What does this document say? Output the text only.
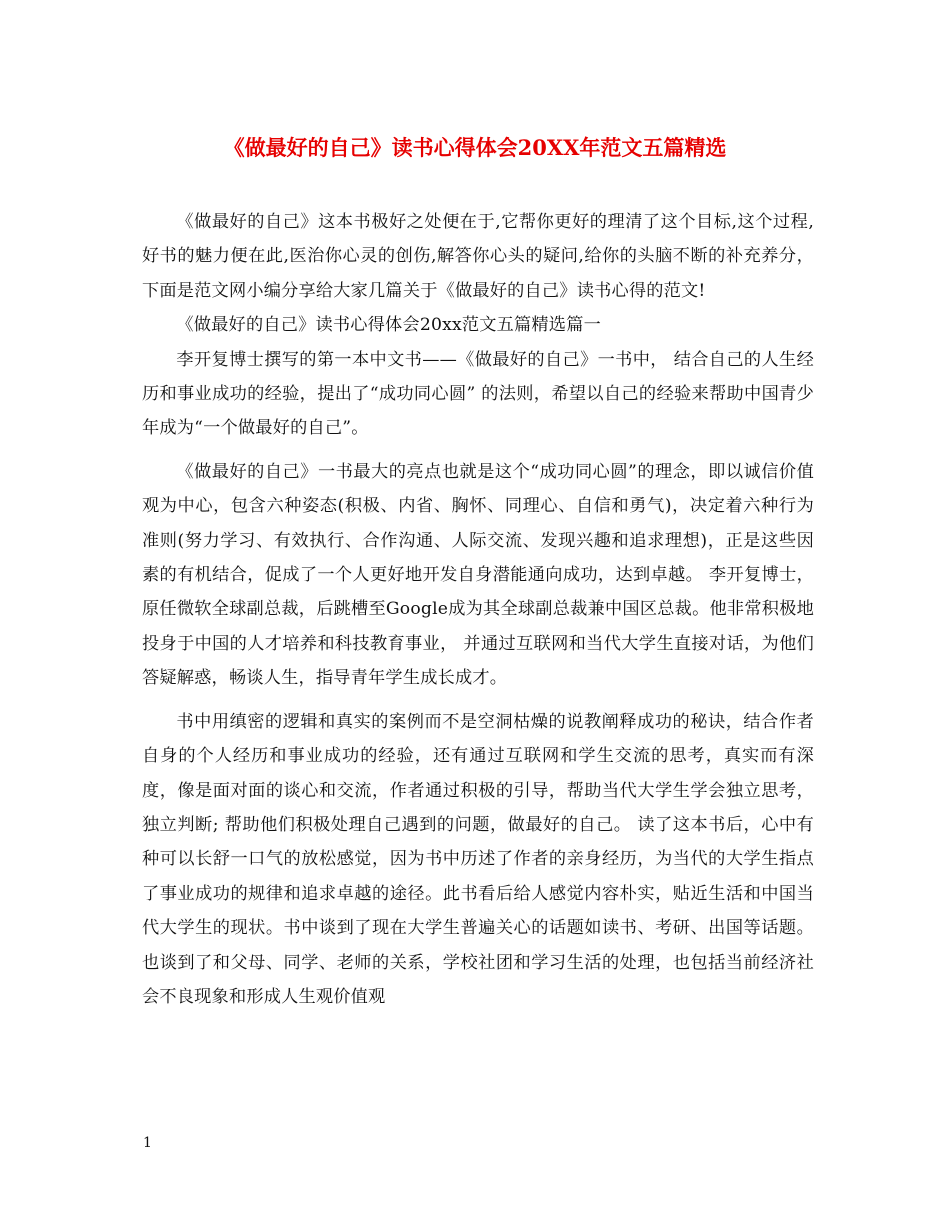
《做最好的自己》读书心得体会20XX年范文五篇精选

《做最好的自己》这本书极好之处便在于,它帮你更好的理清了这个目标,这个过程,好书的魅力便在此,医治你心灵的创伤,解答你心头的疑问,给你的头脑不断的补充养分，下面是范文网小编分享给大家几篇关于《做最好的自己》读书心得的范文!

《做最好的自己》读书心得体会20xx范文五篇精选篇一

李开复博士撰写的第一本中文书——《做最好的自己》一书中， 结合自己的人生经历和事业成功的经验，提出了“成功同心圆” 的法则，希望以自己的经验来帮助中国青少年成为“一个做最好的自己”。

《做最好的自己》一书最大的亮点也就是这个“成功同心圆”的理念，即以诚信价值观为中心，包含六种姿态(积极、内省、胸怀、同理心、自信和勇气)，决定着六种行为准则(努力学习、有效执行、合作沟通、人际交流、发现兴趣和追求理想)，正是这些因素的有机结合，促成了一个人更好地开发自身潜能通向成功，达到卓越。 李开复博士， 原任微软全球副总裁，后跳槽至Google成为其全球副总裁兼中国区总裁。他非常积极地投身于中国的人才培养和科技教育事业， 并通过互联网和当代大学生直接对话，为他们答疑解惑，畅谈人生，指导青年学生成长成才。

书中用缜密的逻辑和真实的案例而不是空洞枯燥的说教阐释成功的秘诀，结合作者自身的个人经历和事业成功的经验，还有通过互联网和学生交流的思考，真实而有深度，像是面对面的谈心和交流，作者通过积极的引导，帮助当代大学生学会独立思考，独立判断; 帮助他们积极处理自己遇到的问题，做最好的自己。 读了这本书后，心中有种可以长舒一口气的放松感觉，因为书中历述了作者的亲身经历，为当代的大学生指点了事业成功的规律和追求卓越的途径。此书看后给人感觉内容朴实，贴近生活和中国当代大学生的现状。书中谈到了现在大学生普遍关心的话题如读书、考研、出国等话题。也谈到了和父母、同学、老师的关系，学校社团和学习生活的处理，也包括当前经济社会不良现象和形成人生观价值观

1
